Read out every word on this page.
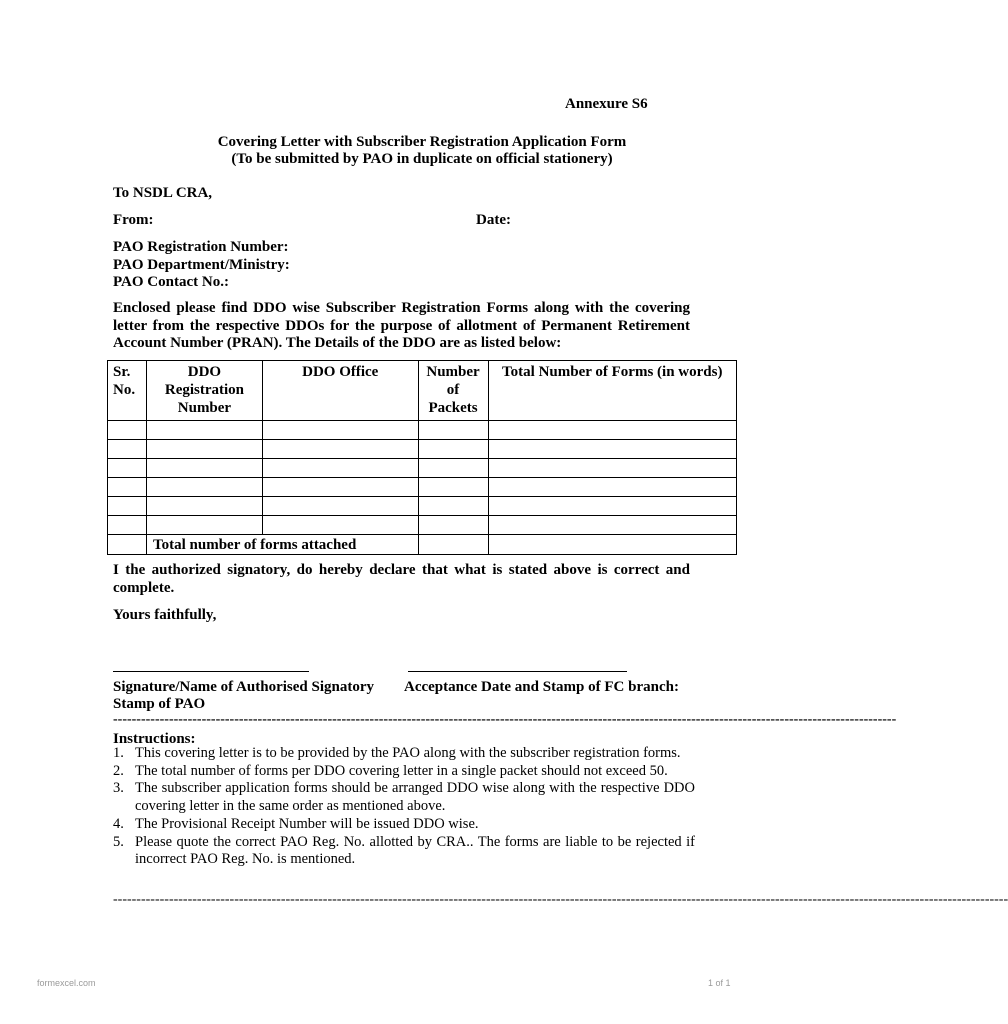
Annexure S6
Covering Letter with Subscriber Registration Application Form
(To be submitted by PAO in duplicate on official stationery)
To NSDL CRA,
From:	Date:
PAO Registration Number:
PAO Department/Ministry:
PAO Contact No.:
Enclosed please find DDO wise Subscriber Registration Forms along with the covering letter from the respective DDOs for the purpose of allotment of Permanent Retirement Account Number (PRAN). The Details of the DDO are as listed below:
Sr. No.	DDO Registration Number	DDO Office	Number of Packets	Total Number of Forms (in words)

	Total number of forms attached			
I the authorized signatory, do hereby declare that what is stated above is correct and complete.
Yours faithfully,
Signature/Name of Authorised Signatory Acceptance Date and Stamp of FC branch:
Stamp of PAO
------------------------------------------------------------------------------------------------------------------------------------------------------------------------
Instructions:
1. This covering letter is to be provided by the PAO along with the subscriber registration forms.
2. The total number of forms per DDO covering letter in a single packet should not exceed 50.
3. The subscriber application forms should be arranged DDO wise along with the respective DDO covering letter in the same order as mentioned above.
4. The Provisional Receipt Number will be issued DDO wise.
5. Please quote the correct PAO Reg. No. allotted by CRA.. The forms are liable to be rejected if incorrect PAO Reg. No. is mentioned.
------------------------------------------------------------------------------------------------------------------------------------------------------------------------------------------------
formexcel.com	1 of 1
